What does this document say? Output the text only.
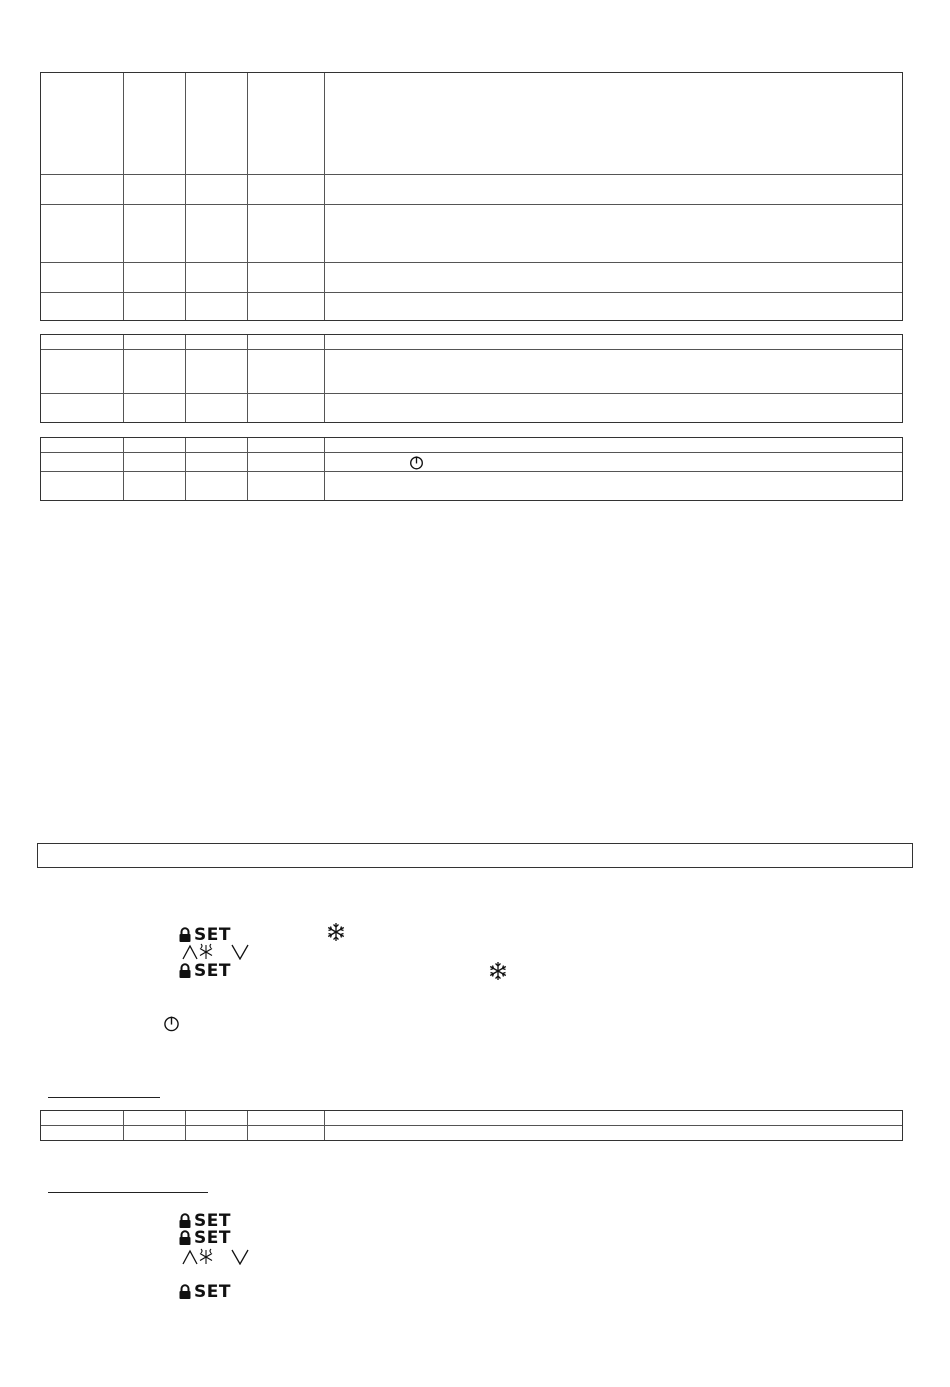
SET
SET
SET
SET
SET
